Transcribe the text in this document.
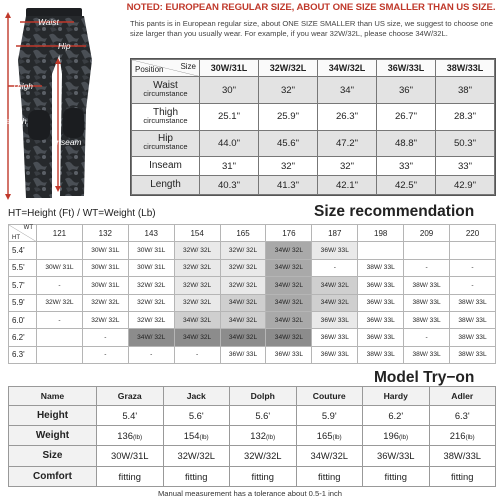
Waist
Hip
Thigh
Length
Inseam
NOTED: EUROPEAN REGULAR SIZE, ABOUT ONE SIZE SMALLER THAN US SIZE.
This pants is in European regular size, about ONE SIZE SMALLER than US size, we suggest to choose one size larger than you usually wear. For example, if you wear 32W/32L, please choose 34W/32L.
Size
Position	30W/31L	32W/32L	34W/32L	36W/33L	38W/33L

Waist
circumstance	30"	32"	34"	36"	38"

Thigh
circumstance	25.1"	25.9"	26.3"	26.7"	28.3"

Hip
circumstance	44.0"	45.6"	47.2"	48.8"	50.3"

Inseam	31"	32"	32"	33"	33"

Length	40.3"	41.3"	42.1"	42.5"	42.9"
HT=Height (Ft) / WT=Weight (Lb)	Size recommendation
WT
HT	121	132	143	154	165	176	187	198	209	220
5.4'		30W/ 31L	30W/ 31L	32W/ 32L	32W/ 32L	34W/ 32L	36W/ 33L			
5.5'	30W/ 31L	30W/ 31L	30W/ 31L	32W/ 32L	32W/ 32L	34W/ 32L	-	38W/ 33L	-	-
5.7'	-	30W/ 31L	32W/ 32L	32W/ 32L	32W/ 32L	34W/ 32L	34W/ 32L	36W/ 33L	38W/ 33L	-
5.9'	32W/ 32L	32W/ 32L	32W/ 32L	32W/ 32L	34W/ 32L	34W/ 32L	34W/ 32L	36W/ 33L	38W/ 33L	38W/ 33L
6.0'	-	32W/ 32L	32W/ 32L	34W/ 32L	34W/ 32L	34W/ 32L	36W/ 33L	36W/ 33L	38W/ 33L	38W/ 33L
6.2'		-	34W/ 32L	34W/ 32L	34W/ 32L	34W/ 32L	36W/ 33L	36W/ 33L	-	38W/ 33L
6.3'		-	-	-	36W/ 33L	36W/ 33L	36W/ 33L	38W/ 33L	38W/ 33L	38W/ 33L
Model Try−on
Name	Graza	Jack	Dolph	Couture	Hardy	Adler
Height	5.4'	5.6'	5.6'	5.9'	6.2'	6.3'
Weight	136(lb)	154(lb)	132(lb)	165(lb)	196(lb)	216(lb)
Size	30W/31L	32W/32L	32W/32L	34W/32L	36W/33L	38W/33L
Comfort	fitting	fitting	fitting	fitting	fitting	fitting
Manual measurement has a tolerance about 0.5-1 inch
